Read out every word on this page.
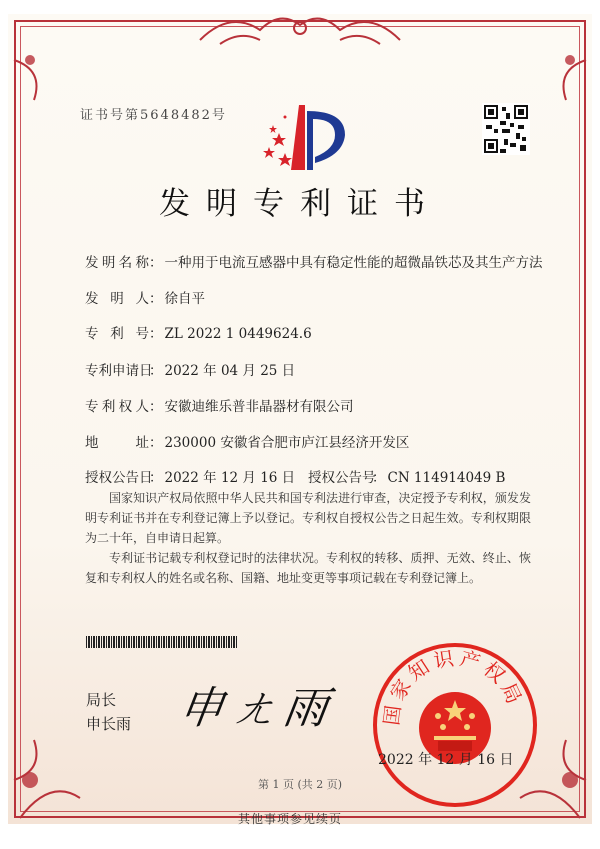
证书号第5648482号
发明专利证书
发明名称 ： 一种用于电流互感器中具有稳定性能的超微晶铁芯及其生产方法
发明人 ： 徐自平
专利号 ： ZL 2022 1 0449624.6
专利申请日
： 2022 年 04 月 25 日
专利权人 ： 安徽迪维乐普非晶器材有限公司
地址 ： 230000 安徽省合肥市庐江县经济开发区
授权公告日
： 2022 年 12 月 16 日 授权公告号
： CN 114914049 B

国家知识产权局依照中华人民共和国专利法进行审查，决定授予专利权，颁发发明专利证书并在专利登记簿上予以登记。专利权自授权公告之日起生效。专利权期限为二十年，自申请日起算。

专利证书记载专利权登记时的法律状况。专利权的转移、质押、无效、终止、恢复和专利权人的姓名或名称、国籍、地址变更等事项记载在专利登记簿上。

局长
申长雨 申ㄤ雨 国家知识产权局
2022 年 12 月 16 日
第 1 页 (共 2 页)
其他事项参见续页
